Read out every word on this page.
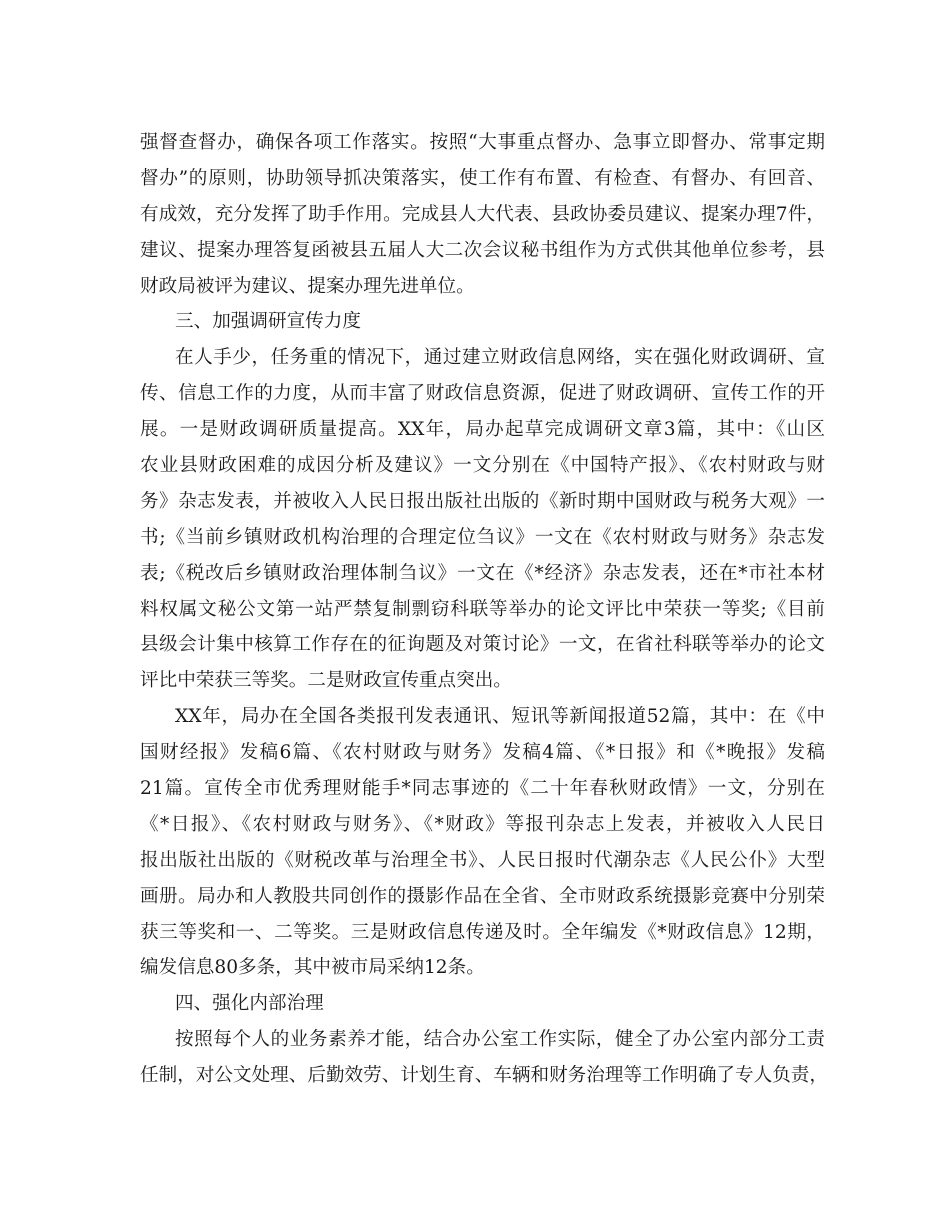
强督查督办，确保各项工作落实。按照“大事重点督办、急事立即督办、常事定期
督办”的原则，协助领导抓决策落实，使工作有布置、有检查、有督办、有回音、
有成效，充分发挥了助手作用。完成县人大代表、县政协委员建议、提案办理7件，
建议、提案办理答复函被县五届人大二次会议秘书组作为方式供其他单位参考，县
财政局被评为建议、提案办理先进单位。
三、加强调研宣传力度
在人手少，任务重的情况下，通过建立财政信息网络，实在强化财政调研、宣
传、信息工作的力度，从而丰富了财政信息资源，促进了财政调研、宣传工作的开
展。一是财政调研质量提高。XX年，局办起草完成调研文章3篇，其中：《山区
农业县财政困难的成因分析及建议》一文分别在《中国特产报》、《农村财政与财
务》杂志发表，并被收入人民日报出版社出版的《新时期中国财政与税务大观》一
书;《当前乡镇财政机构治理的合理定位刍议》一文在《农村财政与财务》杂志发
表;《税改后乡镇财政治理体制刍议》一文在《*经济》杂志发表，还在*市社本材
料权属文秘公文第一站严禁复制剽窃科联等举办的论文评比中荣获一等奖;《目前
县级会计集中核算工作存在的征询题及对策讨论》一文，在省社科联等举办的论文
评比中荣获三等奖。二是财政宣传重点突出。
XX年，局办在全国各类报刊发表通讯、短讯等新闻报道52篇，其中：在《中
国财经报》发稿6篇、《农村财政与财务》发稿4篇、《*日报》和《*晚报》发稿
21篇。宣传全市优秀理财能手*同志事迹的《二十年春秋财政情》一文，分别在
《*日报》、《农村财政与财务》、《*财政》等报刊杂志上发表，并被收入人民日
报出版社出版的《财税改革与治理全书》、人民日报时代潮杂志《人民公仆》大型
画册。局办和人教股共同创作的摄影作品在全省、全市财政系统摄影竞赛中分别荣
获三等奖和一、二等奖。三是财政信息传递及时。全年编发《*财政信息》12期，
编发信息80多条，其中被市局采纳12条。
四、强化内部治理
按照每个人的业务素养才能，结合办公室工作实际，健全了办公室内部分工责
任制，对公文处理、后勤效劳、计划生育、车辆和财务治理等工作明确了专人负责，
